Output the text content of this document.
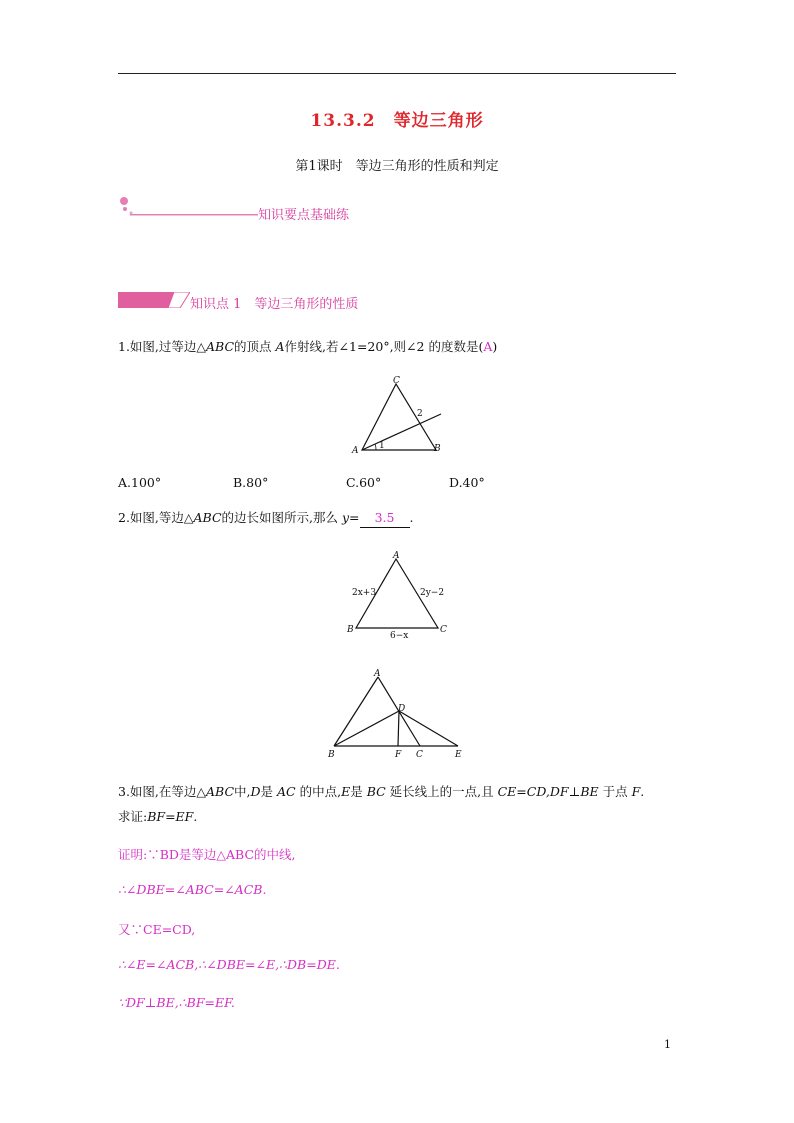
13.3.2　等边三角形
第1课时　等边三角形的性质和判定
知识要点基础练
知识点 1　等边三角形的性质
1.如图,过等边△ABC的顶点 A作射线,若∠1=20°,则∠2 的度数是(A)
C
A	B
1
2
A.100°	B.80°	C.60°	D.40°
2.如图,等边△ABC的边长如图所示,那么 y= 3.5 .
A
B	C
2x+3	2y−2
6−x
A
B	C
D
E
F
3.如图,在等边△ABC中,D是 AC 的中点,E是 BC 延长线上的一点,且 CE=CD,DF⊥BE 于点 F.
求证:BF=EF.
证明:∵BD是等边△ABC的中线,
∴∠DBE=∠ABC=∠ACB.
又∵CE=CD,
∴∠E=∠ACB,∴∠DBE=∠E,∴DB=DE.
∵DF⊥BE,∴BF=EF.
1
